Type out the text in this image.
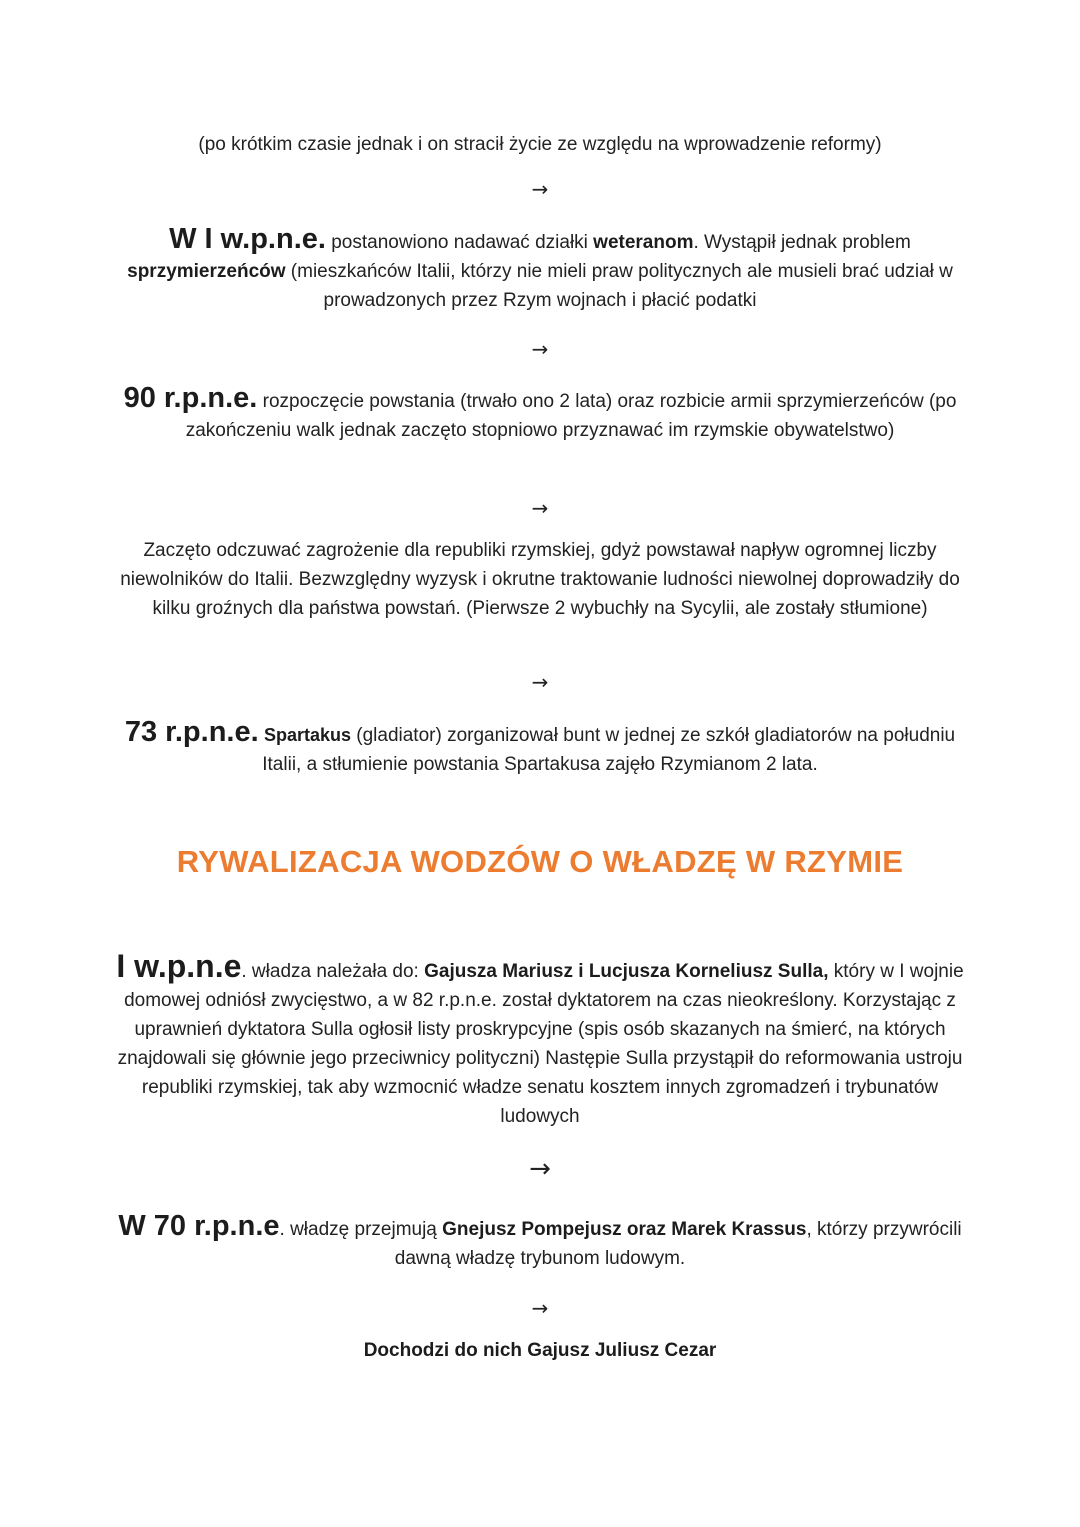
(po krótkim czasie jednak i on stracił życie ze względu na wprowadzenie reformy)

→

W I w.p.n.e. postanowiono nadawać działki weteranom. Wystąpił jednak problem sprzymierzeńców (mieszkańców Italii, którzy nie mieli praw politycznych ale musieli brać udział w prowadzonych przez Rzym wojnach i płacić podatki

→

90 r.p.n.e. rozpoczęcie powstania (trwało ono 2 lata) oraz rozbicie armii sprzymierzeńców (po zakończeniu walk jednak zaczęto stopniowo przyznawać im rzymskie obywatelstwo)

→

Zaczęto odczuwać zagrożenie dla republiki rzymskiej, gdyż powstawał napływ ogromnej liczby niewolników do Italii. Bezwzględny wyzysk i okrutne traktowanie ludności niewolnej doprowadziły do kilku groźnych dla państwa powstań. (Pierwsze 2 wybuchły na Sycylii, ale zostały stłumione)

→

73 r.p.n.e. Spartakus (gladiator) zorganizował bunt w jednej ze szkół gladiatorów na południu Italii, a stłumienie powstania Spartakusa zajęło Rzymianom 2 lata.

RYWALIZACJA WODZÓW O WŁADZĘ W RZYMIE

I w.p.n.e. władza należała do: Gajusza Mariusz i Lucjusza Korneliusz Sulla, który w I wojnie domowej odniósł zwycięstwo, a w 82 r.p.n.e. został dyktatorem na czas nieokreślony. Korzystając z uprawnień dyktatora Sulla ogłosił listy proskrypcyjne (spis osób skazanych na śmierć, na których znajdowali się głównie jego przeciwnicy polityczni) Następie Sulla przystąpił do reformowania ustroju republiki rzymskiej, tak aby wzmocnić władze senatu kosztem innych zgromadzeń i trybunatów ludowych

→

W 70 r.p.n.e. władzę przejmują Gnejusz Pompejusz oraz Marek Krassus, którzy przywrócili dawną władzę trybunom ludowym.

→

Dochodzi do nich Gajusz Juliusz Cezar
